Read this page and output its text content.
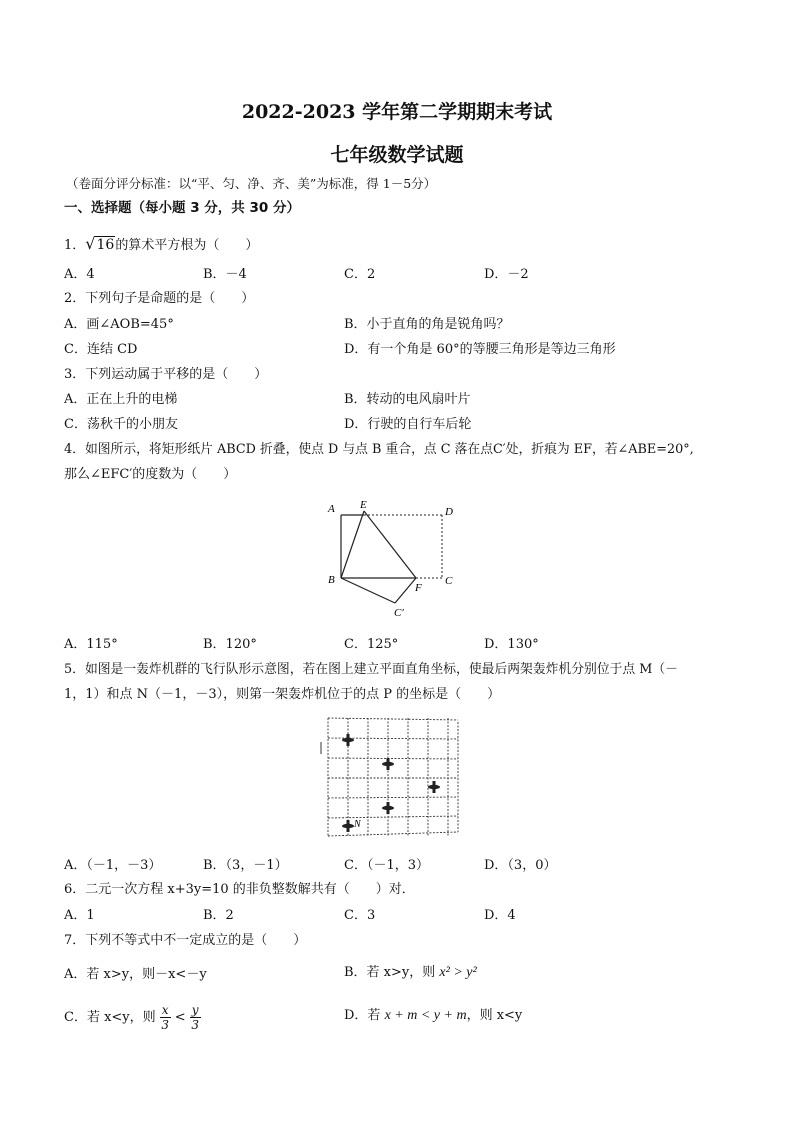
2022-2023 学年第二学期期末考试
七年级数学试题
（卷面分评分标准：以“平、匀、净、齐、美”为标准，得 1－5分）
一、选择题（每小题 3 分，共 30 分）
1．√16的算术平方根为（　　）
A．4	B．－4	C．2	D．－2
2．下列句子是命题的是（　　）
A．画∠AOB=45°	B．小于直角的角是锐角吗？
C．连结 CD	D．有一个角是 60°的等腰三角形是等边三角形
3．下列运动属于平移的是（　　）
A．正在上升的电梯	B．转动的电风扇叶片
C．荡秋千的小朋友	D．行驶的自行车后轮
4．如图所示，将矩形纸片 ABCD 折叠，使点 D 与点 B 重合，点 C 落在点C′处，折痕为 EF，若∠ABE=20°,
那么∠EFC′的度数为（　　）
A E
D
B
F
C
C′
A．115°	B．120°	C．125°	D．130°
5．如图是一轰炸机群的飞行队形示意图，若在图上建立平面直角坐标，使最后两架轰炸机分别位于点 M（－
1，1）和点 N（－1，－3），则第一架轰炸机位于的点 P 的坐标是（　　）
N
A．（－1，－3）	B．（3，－1）	C．（－1，3）	D．（3，0）
6．二元一次方程 x+3y=10 的非负整数解共有（　　）对．
A．1	B．2	C．3	D．4
7．下列不等式中不一定成立的是（　　）
A．若 x>y，则－x<－y	B．若 x>y，则 x² > y²
C．若 x<y，则 $\frac{x}{3} < \frac{y}{3}$	D．若 x + m < y + m，则 x<y
